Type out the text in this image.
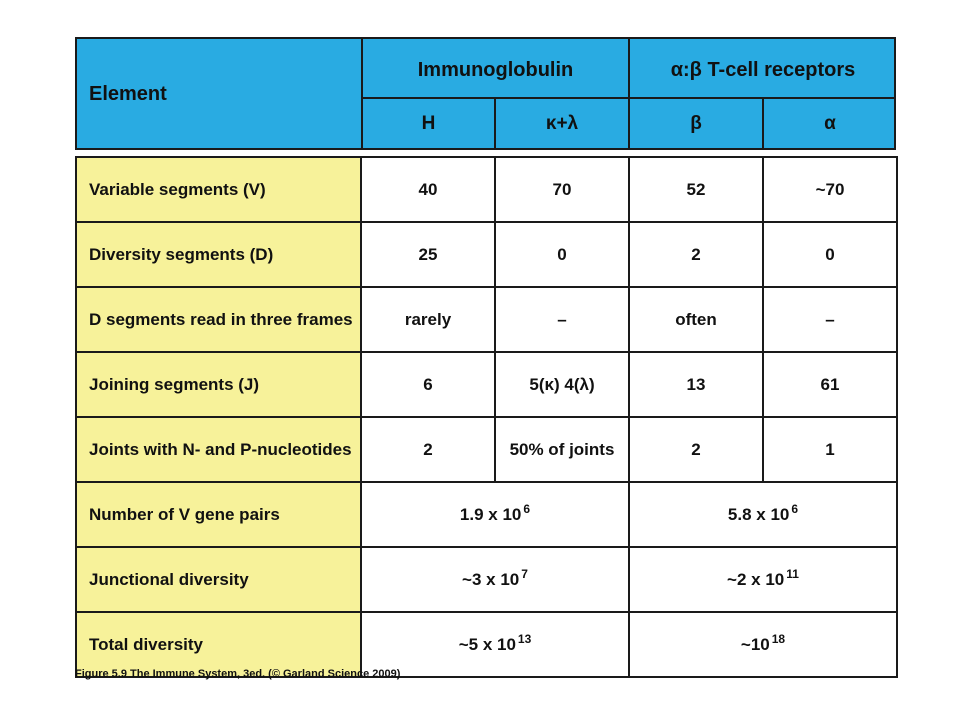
Element
Immunoglobulin	α:β T-cell receptors
H	κ+λ	β	α
Variable segments (V)	40	70	52	~70
Diversity segments (D)	25	0	2	0
D segments read in three frames	rarely	–	often	–
Joining segments (J)	6	5(κ) 4(λ)	13	61
Joints with N- and P-nucleotides	2	50% of joints	2	1
Number of V gene pairs	1.9 x 10 $^6$		5.8 x 10 $^6$
Junctional diversity	~3 x 10 $^7$		~2 x 10 $^{11}$
Total diversity	~5 x 10 $^{13}$		~10 $^{18}$
Figure 5.9 The Immune System, 3ed. (© Garland Science 2009)
